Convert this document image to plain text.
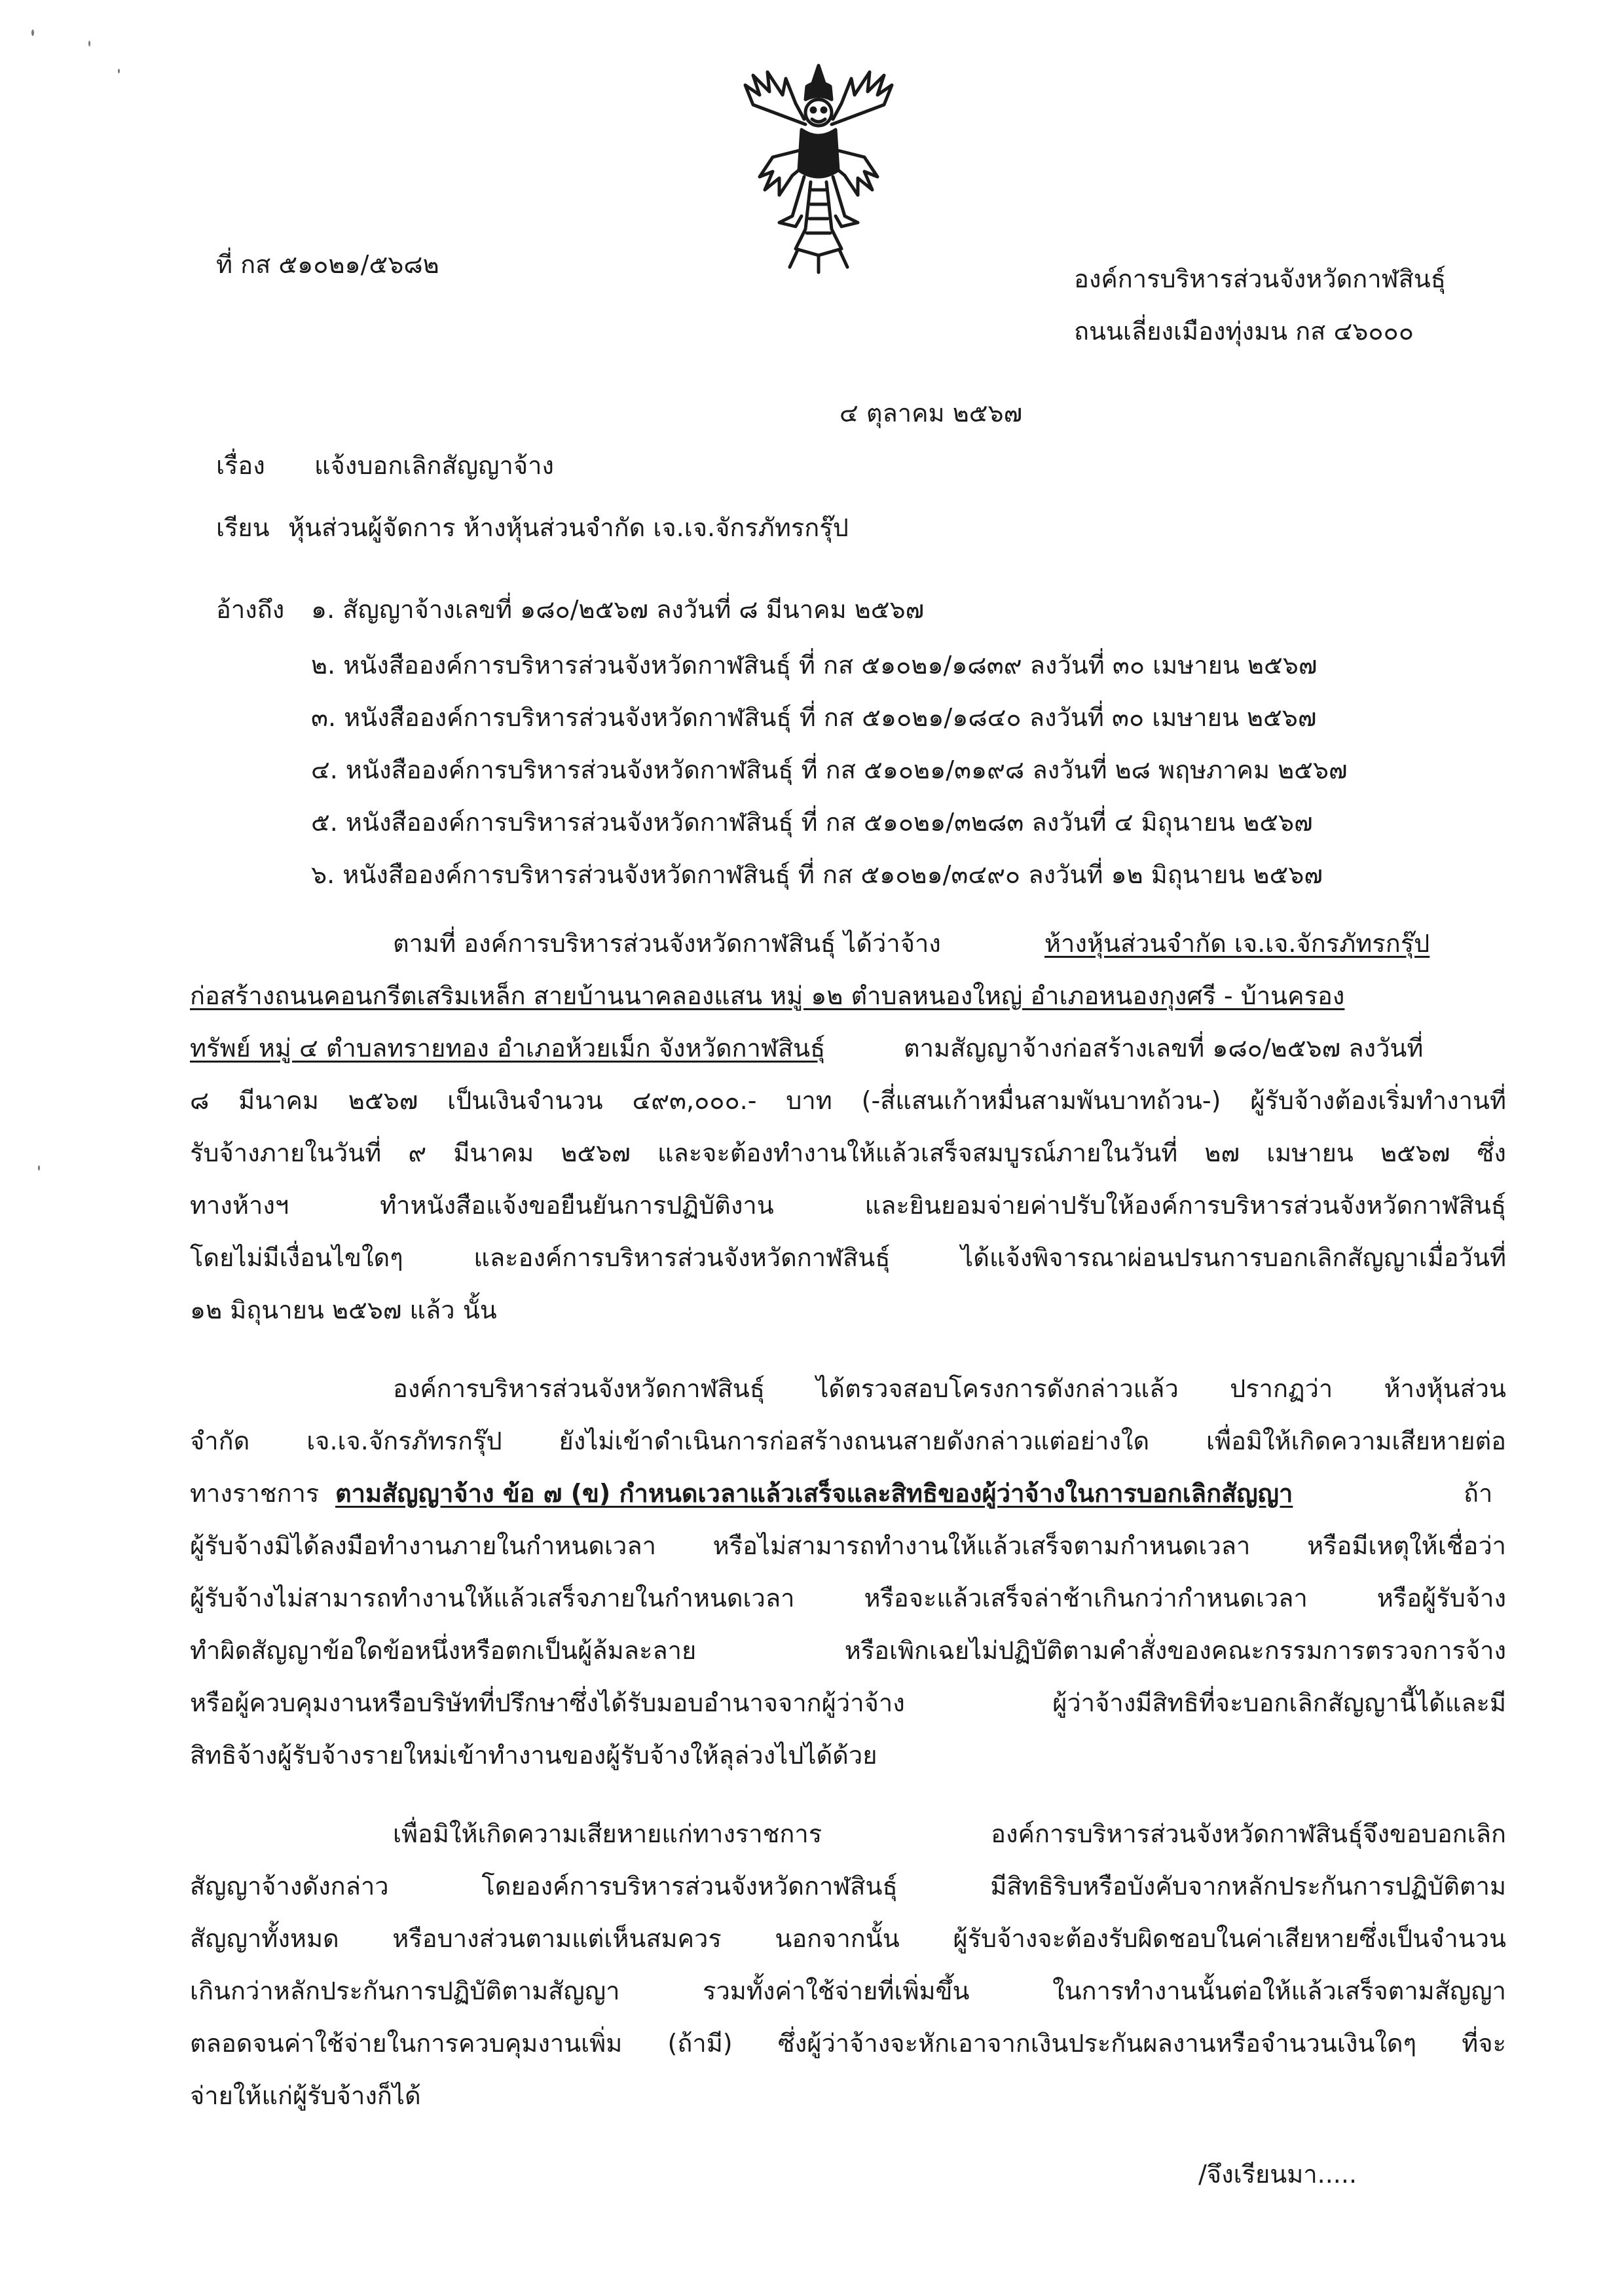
ที่ กส ๕๑๐๒๑/๕๖๘๒	องค์การบริหารส่วนจังหวัดกาฬสินธุ์
ถนนเลี่ยงเมืองทุ่งมน กส ๔๖๐๐๐
๔ ตุลาคม ๒๕๖๗
เรื่อง แจ้งบอกเลิกสัญญาจ้าง
เรียน หุ้นส่วนผู้จัดการ ห้างหุ้นส่วนจำกัด เจ.เจ.จักรภัทรกรุ๊ป
อ้างถึง ๑. สัญญาจ้างเลขที่ ๑๘๐/๒๕๖๗ ลงวันที่ ๘ มีนาคม ๒๕๖๗
๒. หนังสือองค์การบริหารส่วนจังหวัดกาฬสินธุ์ ที่ กส ๕๑๐๒๑/๑๘๓๙ ลงวันที่ ๓๐ เมษายน ๒๕๖๗
๓. หนังสือองค์การบริหารส่วนจังหวัดกาฬสินธุ์ ที่ กส ๕๑๐๒๑/๑๘๔๐ ลงวันที่ ๓๐ เมษายน ๒๕๖๗
๔. หนังสือองค์การบริหารส่วนจังหวัดกาฬสินธุ์ ที่ กส ๕๑๐๒๑/๓๑๙๘ ลงวันที่ ๒๘ พฤษภาคม ๒๕๖๗
๕. หนังสือองค์การบริหารส่วนจังหวัดกาฬสินธุ์ ที่ กส ๕๑๐๒๑/๓๒๘๓ ลงวันที่ ๔ มิถุนายน ๒๕๖๗
๖. หนังสือองค์การบริหารส่วนจังหวัดกาฬสินธุ์ ที่ กส ๕๑๐๒๑/๓๔๙๐ ลงวันที่ ๑๒ มิถุนายน ๒๕๖๗
ตามที่ องค์การบริหารส่วนจังหวัดกาฬสินธุ์ ได้ว่าจ้าง	ห้างหุ้นส่วนจำกัด เจ.เจ.จักรภัทรกรุ๊ป
ก่อสร้างถนนคอนกรีตเสริมเหล็ก สายบ้านนาคลองแสน หมู่ ๑๒ ตำบลหนองใหญ่ อำเภอหนองกุงศรี - บ้านครอง
ทรัพย์ หมู่ ๔ ตำบลทรายทอง อำเภอห้วยเม็ก จังหวัดกาฬสินธุ์	ตามสัญญาจ้างก่อสร้างเลขที่ ๑๘๐/๒๕๖๗ ลงวันที่
๘ มีนาคม ๒๕๖๗ เป็นเงินจำนวน ๔๙๓,๐๐๐.- บาท (-สี่แสนเก้าหมื่นสามพันบาทถ้วน-) ผู้รับจ้างต้องเริ่มทำงานที่
รับจ้างภายในวันที่ ๙ มีนาคม ๒๕๖๗ และจะต้องทำงานให้แล้วเสร็จสมบูรณ์ภายในวันที่ ๒๗ เมษายน ๒๕๖๗ ซึ่ง
ทางห้างฯ ทำหนังสือแจ้งขอยืนยันการปฏิบัติงาน และยินยอมจ่ายค่าปรับให้องค์การบริหารส่วนจังหวัดกาฬสินธุ์
โดยไม่มีเงื่อนไขใดๆ และองค์การบริหารส่วนจังหวัดกาฬสินธุ์ ได้แจ้งพิจารณาผ่อนปรนการบอกเลิกสัญญาเมื่อวันที่
๑๒ มิถุนายน ๒๕๖๗ แล้ว นั้น
องค์การบริหารส่วนจังหวัดกาฬสินธุ์ ได้ตรวจสอบโครงการดังกล่าวแล้ว ปรากฏว่า ห้างหุ้นส่วน
จำกัด เจ.เจ.จักรภัทรกรุ๊ป ยังไม่เข้าดำเนินการก่อสร้างถนนสายดังกล่าวแต่อย่างใด เพื่อมิให้เกิดความเสียหายต่อ
ทางราชการ ตามสัญญาจ้าง ข้อ ๗ (ข) กำหนดเวลาแล้วเสร็จและสิทธิของผู้ว่าจ้างในการบอกเลิกสัญญา	ถ้า
ผู้รับจ้างมิได้ลงมือทำงานภายในกำหนดเวลา หรือไม่สามารถทำงานให้แล้วเสร็จตามกำหนดเวลา หรือมีเหตุให้เชื่อว่า
ผู้รับจ้างไม่สามารถทำงานให้แล้วเสร็จภายในกำหนดเวลา หรือจะแล้วเสร็จล่าช้าเกินกว่ากำหนดเวลา หรือผู้รับจ้าง
ทำผิดสัญญาข้อใดข้อหนึ่งหรือตกเป็นผู้ล้มละลาย หรือเพิกเฉยไม่ปฏิบัติตามคำสั่งของคณะกรรมการตรวจการจ้าง
หรือผู้ควบคุมงานหรือบริษัทที่ปรึกษาซึ่งได้รับมอบอำนาจจากผู้ว่าจ้าง ผู้ว่าจ้างมีสิทธิที่จะบอกเลิกสัญญานี้ได้และมี
สิทธิจ้างผู้รับจ้างรายใหม่เข้าทำงานของผู้รับจ้างให้ลุล่วงไปได้ด้วย
เพื่อมิให้เกิดความเสียหายแก่ทางราชการ องค์การบริหารส่วนจังหวัดกาฬสินธุ์จึงขอบอกเลิก
สัญญาจ้างดังกล่าว โดยองค์การบริหารส่วนจังหวัดกาฬสินธุ์ มีสิทธิริบหรือบังคับจากหลักประกันการปฏิบัติตาม
สัญญาทั้งหมด หรือบางส่วนตามแต่เห็นสมควร นอกจากนั้น ผู้รับจ้างจะต้องรับผิดชอบในค่าเสียหายซึ่งเป็นจำนวน
เกินกว่าหลักประกันการปฏิบัติตามสัญญา รวมทั้งค่าใช้จ่ายที่เพิ่มขึ้น ในการทำงานนั้นต่อให้แล้วเสร็จตามสัญญา
ตลอดจนค่าใช้จ่ายในการควบคุมงานเพิ่ม (ถ้ามี) ซึ่งผู้ว่าจ้างจะหักเอาจากเงินประกันผลงานหรือจำนวนเงินใดๆ ที่จะ
จ่ายให้แก่ผู้รับจ้างก็ได้
/จึงเรียนมา.....
